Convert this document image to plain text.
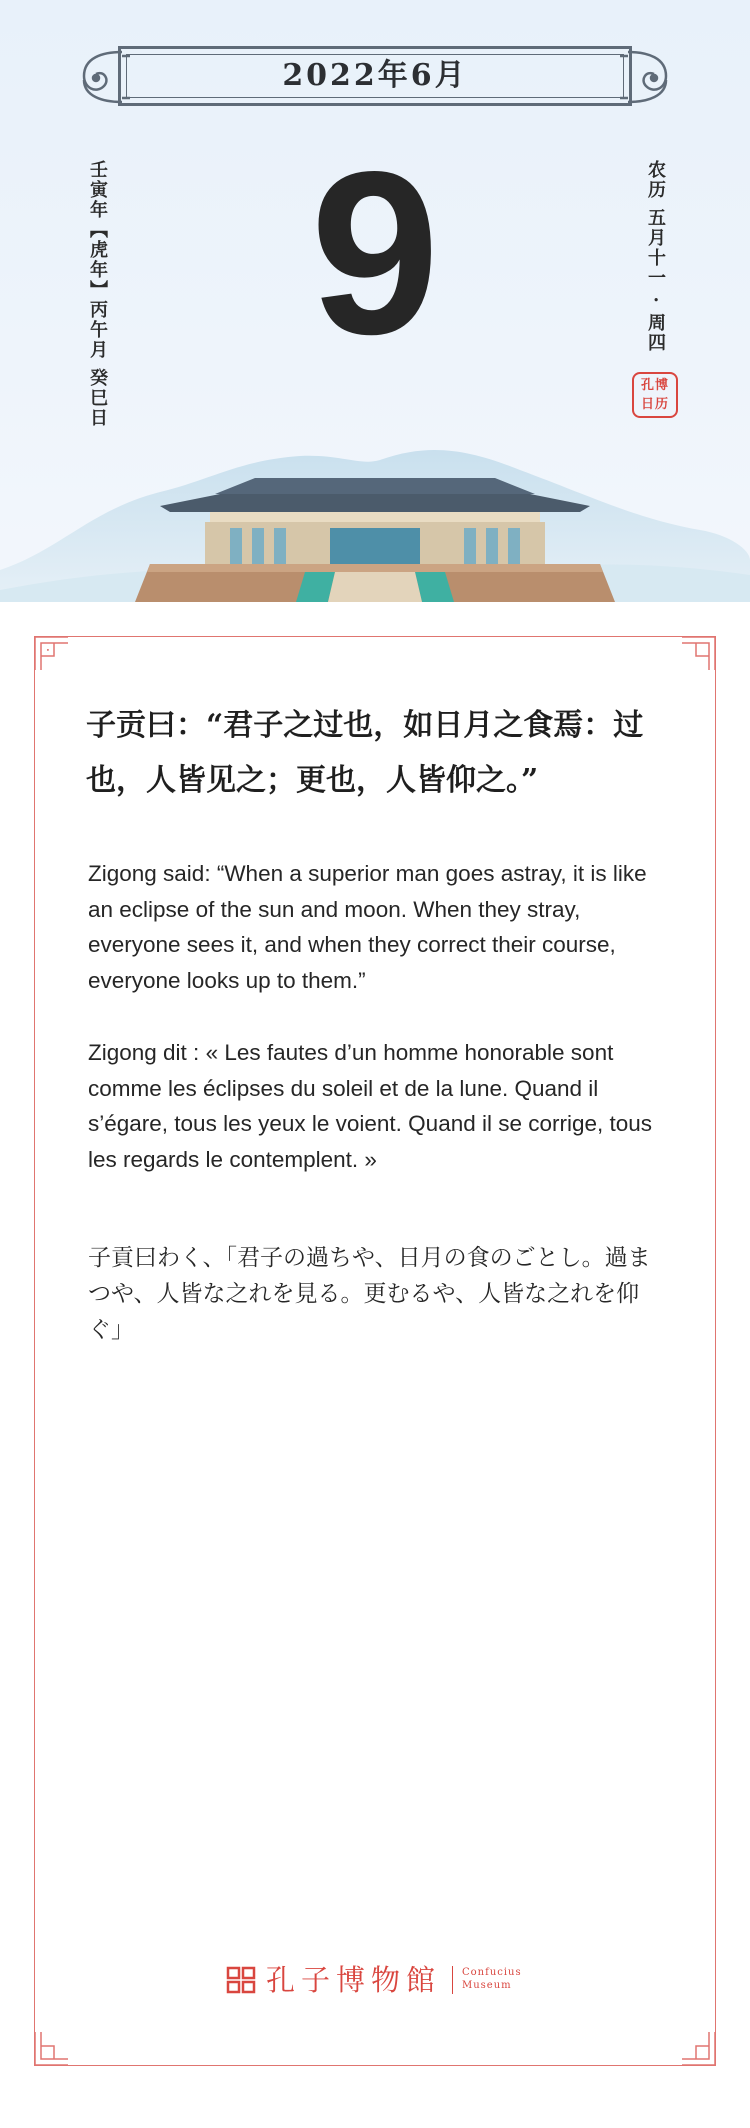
2022年6月
壬寅年【虎年】丙午月 癸巳日 9	农历 五月十一 · 周四
孔博
日历
子贡曰：“君子之过也，如日月之食焉：过也，人皆见之；更也，人皆仰之。”
Zigong said: “When a superior man goes astray, it is like an eclipse of the sun and moon. When they stray, everyone sees it, and when they correct their course, everyone looks up to them.”
Zigong dit : « Les fautes d’un homme honorable sont comme les éclipses du soleil et de la lune. Quand il s’égare, tous les yeux le voient. Quand il se corrige, tous les regards le contemplent. »
子貢曰わく、「君子の過ちや、日月の食のごとし。過まつや、人皆な之れを見る。更むるや、人皆な之れを仰ぐ」
孔子博物館 Confucius
Museum
